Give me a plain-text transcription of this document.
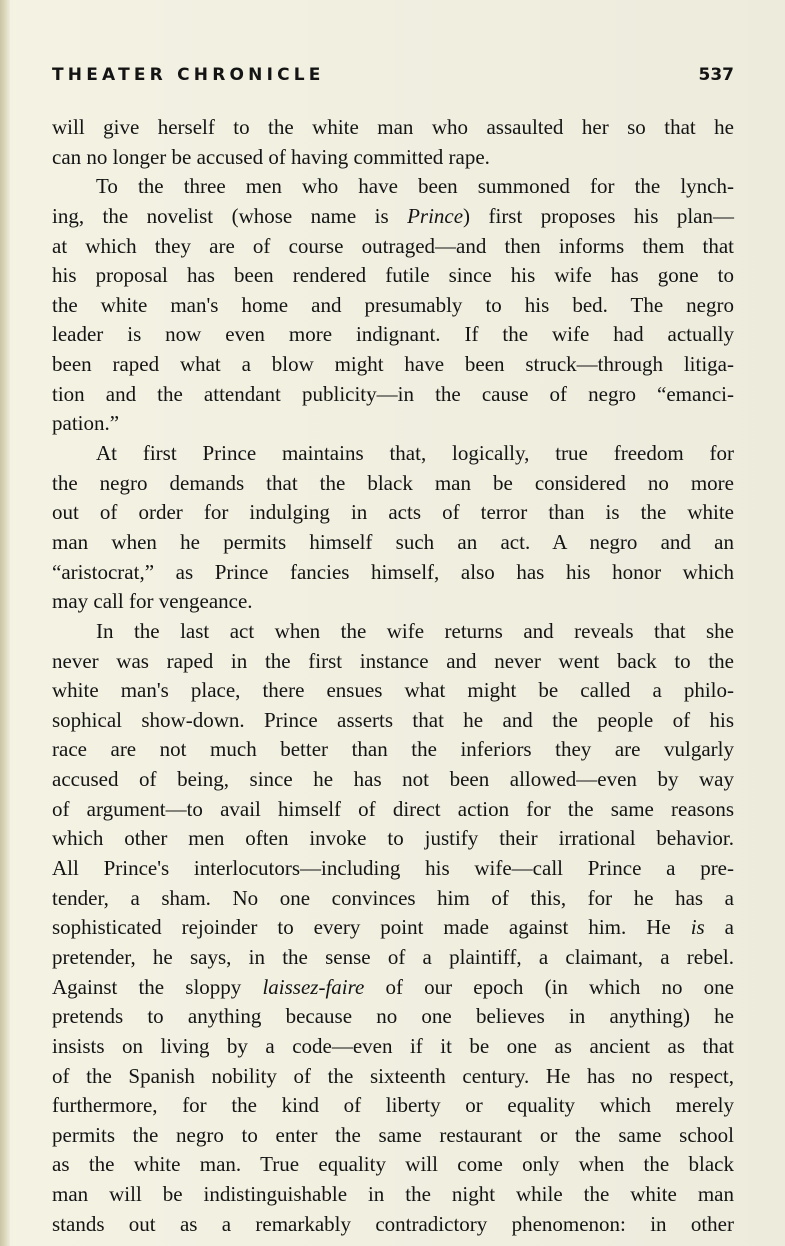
THEATER CHRONICLE	537
will give herself to the white man who assaulted her so that he
can no longer be accused of having committed rape.
To the three men who have been summoned for the lynch-
ing, the novelist (whose name is Prince) first proposes his plan—
at which they are of course outraged—and then informs them that
his proposal has been rendered futile since his wife has gone to
the white man's home and presumably to his bed. The negro
leader is now even more indignant. If the wife had actually
been raped what a blow might have been struck—through litiga-
tion and the attendant publicity—in the cause of negro “emanci-
pation.”
At first Prince maintains that, logically, true freedom for
the negro demands that the black man be considered no more
out of order for indulging in acts of terror than is the white
man when he permits himself such an act. A negro and an
“aristocrat,” as Prince fancies himself, also has his honor which
may call for vengeance.
In the last act when the wife returns and reveals that she
never was raped in the first instance and never went back to the
white man's place, there ensues what might be called a philo-
sophical show-down. Prince asserts that he and the people of his
race are not much better than the inferiors they are vulgarly
accused of being, since he has not been allowed—even by way
of argument—to avail himself of direct action for the same reasons
which other men often invoke to justify their irrational behavior.
All Prince's interlocutors—including his wife—call Prince a pre-
tender, a sham. No one convinces him of this, for he has a
sophisticated rejoinder to every point made against him. He is a
pretender, he says, in the sense of a plaintiff, a claimant, a rebel.
Against the sloppy laissez-faire of our epoch (in which no one
pretends to anything because no one believes in anything) he
insists on living by a code—even if it be one as ancient as that
of the Spanish nobility of the sixteenth century. He has no respect,
furthermore, for the kind of liberty or equality which merely
permits the negro to enter the same restaurant or the same school
as the white man. True equality will come only when the black
man will be indistinguishable in the night while the white man
stands out as a remarkably contradictory phenomenon: in other
